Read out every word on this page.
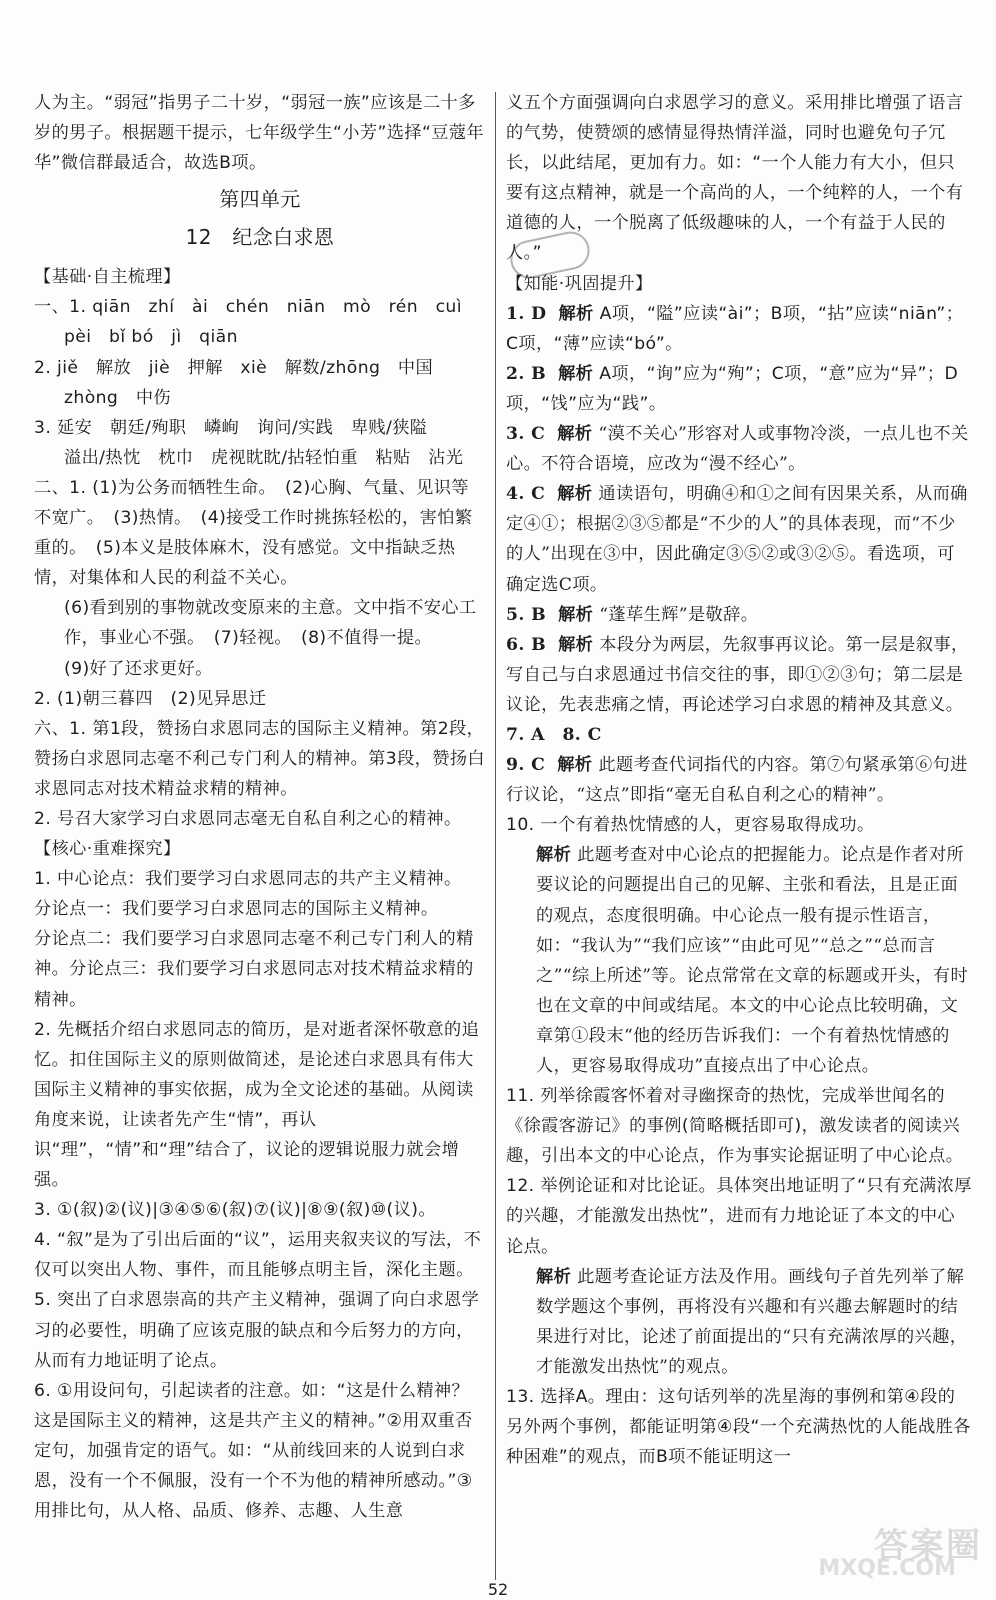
人为主。“弱冠”指男子二十岁，“弱冠一族”应该是二十多岁的男子。根据题干提示，七年级学生“小芳”选择“豆蔻年华”微信群最适合，故选B项。
第四单元
12　纪念白求恩
【 基础·自主梳理 】
一、1. qiān　zhí　ài　chén　niān　mò　rén　cuì
pèi　bǐ bó　jì　qiān
2. jiě　解放　jiè　押解　xiè　解数/zhōng　中国
zhòng　中伤
3. 延安　朝廷/殉职　嶙峋　询问/实践　卑贱/狭隘
溢出/热忱　枕巾　虎视眈眈/拈轻怕重　粘贴　沾光
二、1. (1)为公务而牺牲生命。　(2)心胸、气量、见识等不宽广。　(3)热情。　(4)接受工作时挑拣轻松的，害怕繁重的。　(5)本义是肢体麻木，没有感觉。文中指缺乏热情，对集体和人民的利益不关心。
(6)看到别的事物就改变原来的主意。文中指不安心工作，事业心不强。　(7)轻视。　(8)不值得一提。
(9)好了还求更好。
2. (1)朝三暮四　(2)见异思迁
六、1. 第1段，赞扬白求恩同志的国际主义精神。第2段，赞扬白求恩同志毫不利己专门利人的精神。第3段，赞扬白求恩同志对技术精益求精的精神。
2. 号召大家学习白求恩同志毫无自私自利之心的精神。
【 核心·重难探究 】
1. 中心论点：我们要学习白求恩同志的共产主义精神。
分论点一：我们要学习白求恩同志的国际主义精神。
分论点二：我们要学习白求恩同志毫不利己专门利人的精神。分论点三：我们要学习白求恩同志对技术精益求精的精神。
2. 先概括介绍白求恩同志的简历，是对逝者深怀敬意的追忆。扣住国际主义的原则做简述，是论述白求恩具有伟大国际主义精神的事实依据，成为全文论述的基础。从阅读角度来说，让读者先产生“情”，再认识“理”，“情”和“理”结合了，议论的逻辑说服力就会增强。
3. ①(叙)②(议)|③④⑤⑥(叙)⑦(议)|⑧⑨(叙)⑩(议)。
4. “叙”是为了引出后面的“议”，运用夹叙夹议的写法，不仅可以突出人物、事件，而且能够点明主旨，深化主题。
5. 突出了白求恩崇高的共产主义精神，强调了向白求恩学习的必要性，明确了应该克服的缺点和今后努力的方向，从而有力地证明了论点。
6. ①用设问句，引起读者的注意。如：“这是什么精神？这是国际主义的精神，这是共产主义的精神。”②用双重否定句，加强肯定的语气。如：“从前线回来的人说到白求恩，没有一个不佩服，没有一个不为他的精神所感动。”③用排比句，从人格、品质、修养、志趣、人生意
义五个方面强调向白求恩学习的意义。采用排比增强了语言的气势，使赞颂的感情显得热情洋溢，同时也避免句子冗长，以此结尾，更加有力。如：“一个人能力有大小，但只要有这点精神，就是一个高尚的人，一个纯粹的人，一个有道德的人，一个脱离了低级趣味的人，一个有益于人民的人。”
【 知能·巩固提升 】
1. D 解析 A项，“隘”应读“ài”；B项，“拈”应读“niān”；C项，“薄”应读“bó”。
2. B 解析 A项，“询”应为“殉”；C项，“意”应为“异”；D项，“饯”应为“践”。
3. C 解析 “漠不关心”形容对人或事物冷淡，一点儿也不关心。不符合语境，应改为“漫不经心”。
4. C 解析 通读语句，明确④和①之间有因果关系，从而确定④①；根据②③⑤都是“不少的人”的具体表现，而“不少的人”出现在③中，因此确定③⑤②或③②⑤。看选项，可确定选C项。
5. B 解析 “蓬荜生辉”是敬辞。
6. B 解析 本段分为两层，先叙事再议论。第一层是叙事，写自己与白求恩通过书信交往的事，即①②③句；第二层是议论，先表悲痛之情，再论述学习白求恩的精神及其意义。
7. A　8. C
9. C 解析 此题考查代词指代的内容。第⑦句紧承第⑥句进行议论，“这点”即指“毫无自私自利之心的精神”。
10. 一个有着热忱情感的人，更容易取得成功。
解析 此题考查对中心论点的把握能力。论点是作者对所要议论的问题提出自己的见解、主张和看法，且是正面的观点，态度很明确。中心论点一般有提示性语言，如：“我认为”“我们应该”“由此可见”“总之”“总而言之”“综上所述”等。论点常常在文章的标题或开头，有时也在文章的中间或结尾。本文的中心论点比较明确，文章第①段末“他的经历告诉我们：一个有着热忱情感的人，更容易取得成功”直接点出了中心论点。
11. 列举徐霞客怀着对寻幽探奇的热忱，完成举世闻名的《徐霞客游记》的事例(简略概括即可)，激发读者的阅读兴趣，引出本文的中心论点，作为事实论据证明了中心论点。
12. 举例论证和对比论证。具体突出地证明了“只有充满浓厚的兴趣，才能激发出热忱”，进而有力地论证了本文的中心论点。
解析 此题考查论证方法及作用。画线句子首先列举了解数学题这个事例，再将没有兴趣和有兴趣去解题时的结果进行对比，论述了前面提出的“只有充满浓厚的兴趣，才能激发出热忱”的观点。
13. 选择A。理由：这句话列举的冼星海的事例和第④段的另外两个事例，都能证明第④段“一个充满热忱的人能战胜各种困难”的观点，而B项不能证明这一
答案圈
MXQE.COM
52
